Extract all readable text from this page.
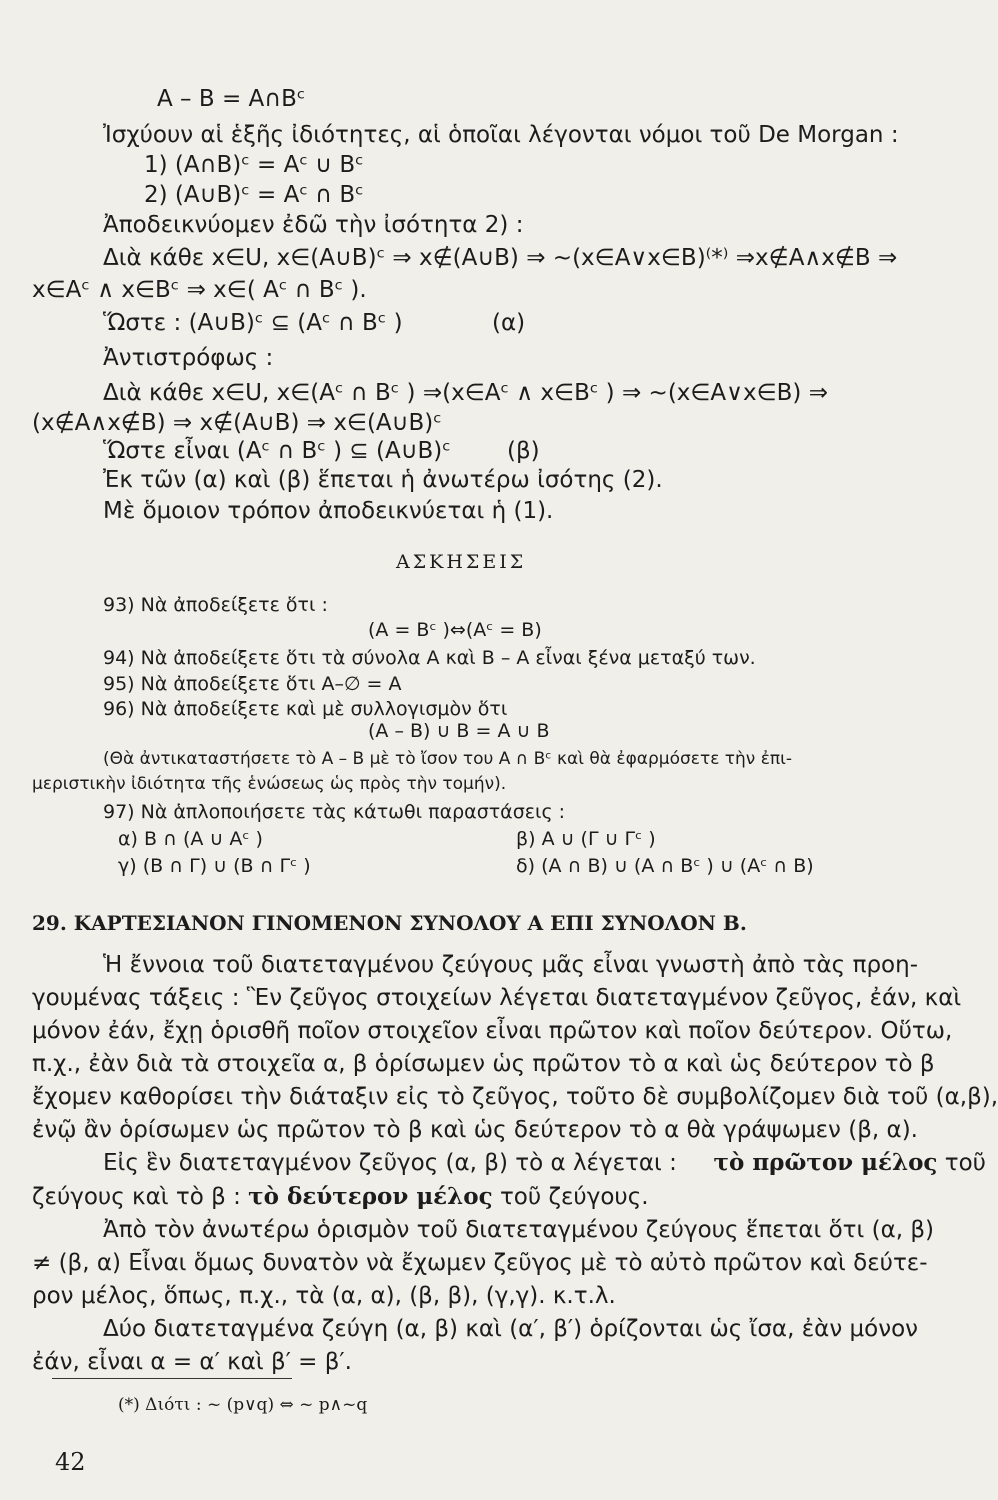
A – B = A∩Bᶜ
Ἰσχύουν αἱ ἑξῆς ἰδιότητες, αἱ ὁποῖαι λέγονται νόμοι τοῦ De Morgan :
1) (A∩B)ᶜ = Aᶜ ∪ Bᶜ
2) (A∪B)ᶜ = Aᶜ ∩ Bᶜ
Ἀποδεικνύομεν ἐδῶ τὴν ἰσότητα 2) :
Διὰ κάθε x∈U, x∈(A∪B)ᶜ ⇒ x∉(A∪B) ⇒ ~(x∈A∨x∈B)⁽*⁾ ⇒x∉A∧x∉B ⇒
x∈Aᶜ ∧ x∈Bᶜ ⇒ x∈( Aᶜ ∩ Bᶜ ).
Ὥστε : (A∪B)ᶜ ⊆ (Aᶜ ∩ Bᶜ )	(α)
Ἀντιστρόφως :
Διὰ κάθε x∈U, x∈(Aᶜ ∩ Bᶜ ) ⇒(x∈Aᶜ ∧ x∈Bᶜ ) ⇒ ~(x∈A∨x∈B) ⇒
(x∉A∧x∉B) ⇒ x∉(A∪B) ⇒ x∈(A∪B)ᶜ
Ὥστε εἶναι (Aᶜ ∩ Bᶜ ) ⊆ (A∪B)ᶜ (β)
Ἐκ τῶν (α) καὶ (β) ἕπεται ἡ ἀνωτέρω ἰσότης (2).
Μὲ ὅμοιον τρόπον ἀποδεικνύεται ἡ (1).
ΑΣΚΗΣΕΙΣ
93) Νὰ ἀποδείξετε ὅτι :
(A = Bᶜ )⇔(Aᶜ = B)
94) Νὰ ἀποδείξετε ὅτι τὰ σύνολα A καὶ B – A εἶναι ξένα μεταξύ των.
95) Νὰ ἀποδείξετε ὅτι A–∅ = A
96) Νὰ ἀποδείξετε καὶ μὲ συλλογισμὸν ὅτι
(A – B) ∪ B = A ∪ B
(Θὰ ἀντικαταστήσετε τὸ A – B μὲ τὸ ἴσον του A ∩ Bᶜ καὶ θὰ ἐφαρμόσετε τὴν ἐπι-
μεριστικὴν ἰδιότητα τῆς ἑνώσεως ὡς πρὸς τὴν τομήν).
97) Νὰ ἁπλοποιήσετε τὰς κάτωθι παραστάσεις :
α) B ∩ (A ∪ Aᶜ )	β) A ∪ (Γ ∪ Γᶜ )
γ) (B ∩ Γ) ∪ (B ∩ Γᶜ )	δ) (A ∩ B) ∪ (A ∩ Bᶜ ) ∪ (Aᶜ ∩ B)
29. ΚΑΡΤΕΣΙΑΝΟΝ ΓΙΝΟΜΕΝΟΝ ΣΥΝΟΛΟΥ Α ΕΠΙ ΣΥΝΟΛΟΝ Β.
Ἡ ἔννοια τοῦ διατεταγμένου ζεύγους μᾶς εἶναι γνωστὴ ἀπὸ τὰς προη-
γουμένας τάξεις : Ἓν ζεῦγος στοιχείων λέγεται διατεταγμένον ζεῦγος, ἐάν, καὶ
μόνον ἐάν, ἔχῃ ὁρισθῆ ποῖον στοιχεῖον εἶναι πρῶτον καὶ ποῖον δεύτερον. Οὕτω,
π.χ., ἐὰν διὰ τὰ στοιχεῖα α, β ὁρίσωμεν ὡς πρῶτον τὸ α καὶ ὡς δεύτερον τὸ β
ἔχομεν καθορίσει τὴν διάταξιν εἰς τὸ ζεῦγος, τοῦτο δὲ συμβολίζομεν διὰ τοῦ (α,β),
ἐνῷ ἂν ὁρίσωμεν ὡς πρῶτον τὸ β καὶ ὡς δεύτερον τὸ α θὰ γράψωμεν (β, α).
Εἰς ἓν διατεταγμένον ζεῦγος (α, β) τὸ α λέγεται : τὸ πρῶτον μέλος τοῦ
ζεύγους καὶ τὸ β : τὸ δεύτερον μέλος τοῦ ζεύγους.
Ἀπὸ τὸν ἀνωτέρω ὁρισμὸν τοῦ διατεταγμένου ζεύγους ἕπεται ὅτι (α, β)
≠ (β, α) Εἶναι ὅμως δυνατὸν νὰ ἔχωμεν ζεῦγος μὲ τὸ αὐτὸ πρῶτον καὶ δεύτε-
ρον μέλος, ὅπως, π.χ., τὰ (α, α), (β, β), (γ,γ). κ.τ.λ.
Δύο διατεταγμένα ζεύγη (α, β) καὶ (α′, β′) ὁρίζονται ὡς ἴσα, ἐὰν μόνον
ἐάν, εἶναι α = α′ καὶ β′ = β′.
(*) Διότι : ~ (p∨q) ⇔ ~ p∧~q
42
